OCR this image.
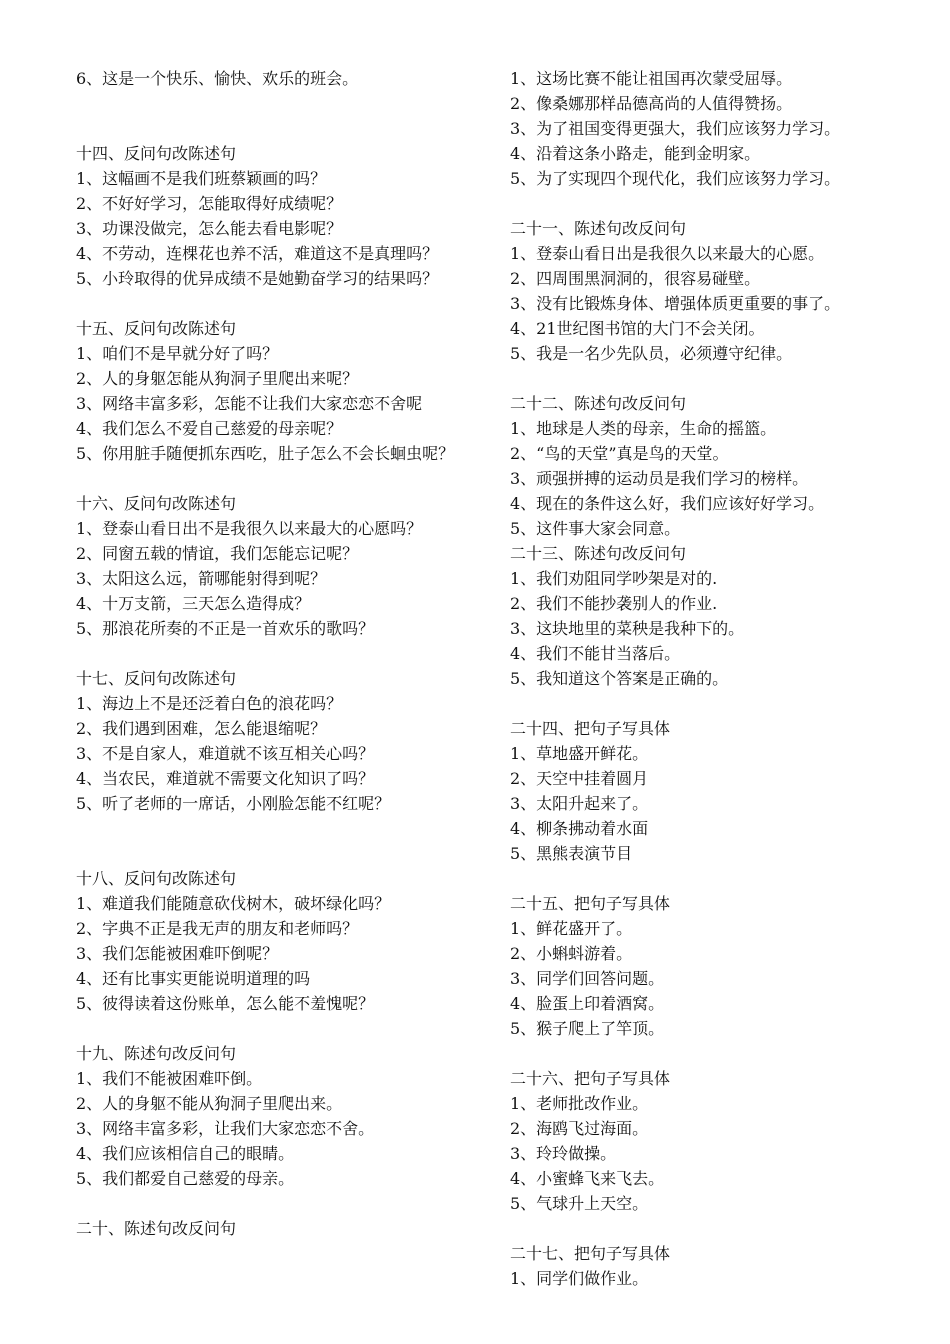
6、这是一个快乐、愉快、欢乐的班会。
十四、反问句改陈述句
1、这幅画不是我们班蔡颖画的吗？
2、不好好学习，怎能取得好成绩呢？
3、功课没做完，怎么能去看电影呢？
4、不劳动，连棵花也养不活，难道这不是真理吗？
5、小玲取得的优异成绩不是她勤奋学习的结果吗？
十五、反问句改陈述句
1、咱们不是早就分好了吗？
2、人的身躯怎能从狗洞子里爬出来呢？
3、网络丰富多彩，怎能不让我们大家恋恋不舍呢
4、我们怎么不爱自己慈爱的母亲呢？
5、你用脏手随便抓东西吃，肚子怎么不会长蛔虫呢？
十六、反问句改陈述句
1、登泰山看日出不是我很久以来最大的心愿吗？
2、同窗五载的情谊，我们怎能忘记呢？
3、太阳这么远，箭哪能射得到呢？
4、十万支箭，三天怎么造得成？
5、那浪花所奏的不正是一首欢乐的歌吗？
十七、反问句改陈述句
1、海边上不是还泛着白色的浪花吗？
2、我们遇到困难，怎么能退缩呢？
3、不是自家人，难道就不该互相关心吗？
4、当农民，难道就不需要文化知识了吗？
5、听了老师的一席话，小刚脸怎能不红呢？
十八、反问句改陈述句
1、难道我们能随意砍伐树木，破坏绿化吗？
2、字典不正是我无声的朋友和老师吗？
3、我们怎能被困难吓倒呢？
4、还有比事实更能说明道理的吗
5、彼得读着这份账单，怎么能不羞愧呢？
十九、陈述句改反问句
1、我们不能被困难吓倒。
2、人的身躯不能从狗洞子里爬出来。
3、网络丰富多彩，让我们大家恋恋不舍。
4、我们应该相信自己的眼睛。
5、我们都爱自己慈爱的母亲。
二十、陈述句改反问句
1、这场比赛不能让祖国再次蒙受屈辱。
2、像桑娜那样品德高尚的人值得赞扬。
3、为了祖国变得更强大，我们应该努力学习。
4、沿着这条小路走，能到金明家。
5、为了实现四个现代化，我们应该努力学习。
二十一、陈述句改反问句
1、登泰山看日出是我很久以来最大的心愿。
2、四周围黑洞洞的，很容易碰壁。
3、没有比锻炼身体、增强体质更重要的事了。
4、21世纪图书馆的大门不会关闭。
5、我是一名少先队员，必须遵守纪律。
二十二、陈述句改反问句
1、地球是人类的母亲，生命的摇篮。
2、“鸟的天堂”真是鸟的天堂。
3、顽强拼搏的运动员是我们学习的榜样。
4、现在的条件这么好，我们应该好好学习。
5、这件事大家会同意。
二十三、陈述句改反问句
1、我们劝阻同学吵架是对的.
2、我们不能抄袭别人的作业.
3、这块地里的菜秧是我种下的。
4、我们不能甘当落后。
5、我知道这个答案是正确的。
二十四、把句子写具体
1、草地盛开鲜花。
2、天空中挂着圆月
3、太阳升起来了。
4、柳条拂动着水面
5、黑熊表演节目
二十五、把句子写具体
1、鲜花盛开了。
2、小蝌蚪游着。
3、同学们回答问题。
4、脸蛋上印着酒窝。
5、猴子爬上了竿顶。
二十六、把句子写具体
1、老师批改作业。
2、海鸥飞过海面。
3、玲玲做操。
4、小蜜蜂飞来飞去。
5、气球升上天空。
二十七、把句子写具体
1、同学们做作业。
